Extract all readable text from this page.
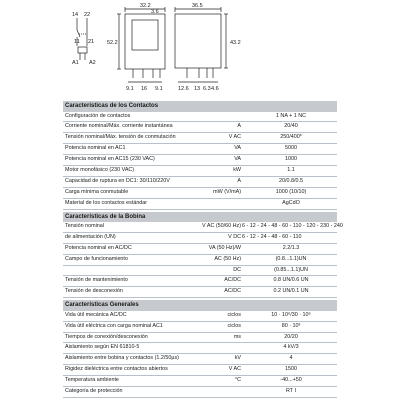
14 22
11 21
A1 A2
32.2
3.6
52.2
9.1 16 9.1
36.5
43.2
12.6 13 6.3 4.6
Características de los Contactos
Configuración de contactos	1 NA + 1 NC
Corriente nominal/Máx. corriente instantánea	A	20/40
Tensión nominal/Máx. tensión de conmutación	V AC	250/400*
Potencia nominal en AC1	VA	5000
Potencia nominal en AC15 (230 VAC)	VA	1000
Motor monofásico (230 VAC)	kW	1.1
Capacidad de ruptura en DC1: 30/110/220V	A	20/0.8/0.5
Carga mínima conmutable	mW (V/mA)	1000 (10/10)
Material de los contactos estándar	AgCdO
Características de la Bobina
Tensión nominal	V AC (50/60 Hz) 6 - 12 - 24 - 48 - 60 - 110 - 120 - 230 - 240
de alimentación (UN)	V DC 6 - 12 - 24 - 48 - 60 - 110
Potencia nominal en AC/DC	VA (50 Hz)/W	2.2/1.3
Campo de funcionamiento	AC (50 Hz)	(0.8...1.1)UN
DC	(0.85...1.1)UN
Tensión de mantenimiento	AC/DC	0.8 UN/0.6 UN
Tensión de desconexión	AC/DC	0.2 UN/0.1 UN
Características Generales
Vida útil mecánica AC/DC	ciclos	10 · 10⁶/30 · 10⁶
Vida útil eléctrica con carga nominal AC1	ciclos	80 · 10³
Tiempos de conexión/desconexión	ms	20/20
Aislamiento según EN 61810-5	4 kV/3
Aislamiento entre bobina y contactos (1.2/50µs)	kV	4
Rigidez dieléctrica entre contactos abiertos	V AC	1500
Temperatura ambiente	°C	-40...+50
Categoría de protección	RT I
